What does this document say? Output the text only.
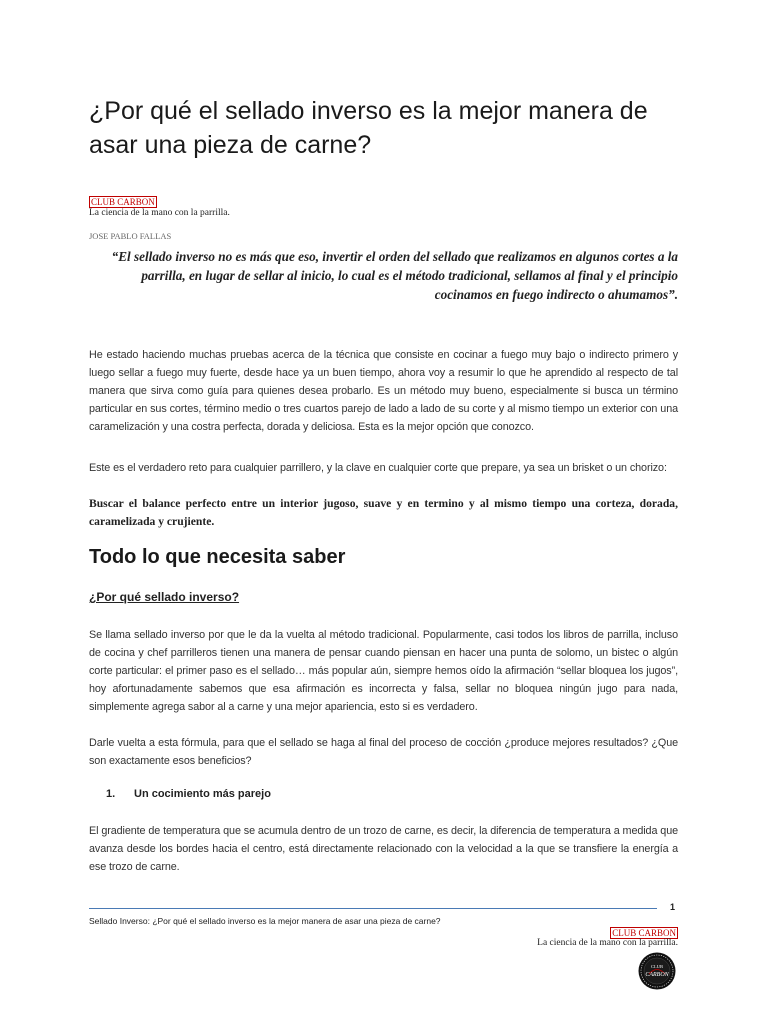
¿Por qué el sellado inverso es la mejor manera de asar una pieza de carne?
CLUB CARBON
La ciencia de la mano con la parrilla.
JOSE PABLO FALLAS

“El sellado inverso no es más que eso, invertir el orden del sellado que realizamos en algunos cortes a la parrilla, en lugar de sellar al inicio, lo cual es el método tradicional, sellamos al final y el principio cocinamos en fuego indirecto o ahumamos”.

He estado haciendo muchas pruebas acerca de la técnica que consiste en cocinar a fuego muy bajo o indirecto primero y luego sellar a fuego muy fuerte, desde hace ya un buen tiempo, ahora voy a resumir lo que he aprendido al respecto de tal manera que sirva como guía para quienes desea probarlo. Es un método muy bueno, especialmente si busca un término particular en sus cortes, término medio o tres cuartos parejo de lado a lado de su corte y al mismo tiempo un exterior con una caramelización y una costra perfecta, dorada y deliciosa. Esta es la mejor opción que conozco.

Este es el verdadero reto para cualquier parrillero, y la clave en cualquier corte que prepare, ya sea un brisket o un chorizo:

Buscar el balance perfecto entre un interior jugoso, suave y en termino y al mismo tiempo una corteza, dorada, caramelizada y crujiente.

Todo lo que necesita saber
¿Por qué sellado inverso?

Se llama sellado inverso por que le da la vuelta al método tradicional. Popularmente, casi todos los libros de parrilla, incluso de cocina y chef parrilleros tienen una manera de pensar cuando piensan en hacer una punta de solomo, un bistec o algún corte particular: el primer paso es el sellado… más popular aún, siempre hemos oído la afirmación “sellar bloquea los jugos”, hoy afortunadamente sabemos que esa afirmación es incorrecta y falsa, sellar no bloquea ningún jugo para nada, simplemente agrega sabor al a carne y una mejor apariencia, esto si es verdadero.

Darle vuelta a esta fórmula, para que el sellado se haga al final del proceso de cocción ¿produce mejores resultados? ¿Que son exactamente esos beneficios?

1. Un cocimiento más parejo

El gradiente de temperatura que se acumula dentro de un trozo de carne, es decir, la diferencia de temperatura a medida que avanza desde los bordes hacia el centro, está directamente relacionado con la velocidad a la que se transfiere la energía a ese trozo de carne.

1
Sellado Inverso: ¿Por qué el sellado inverso es la mejor manera de asar una pieza de carne?
CLUB CARBON
La ciencia de la mano con la parrilla.
CLUB
CARBON
